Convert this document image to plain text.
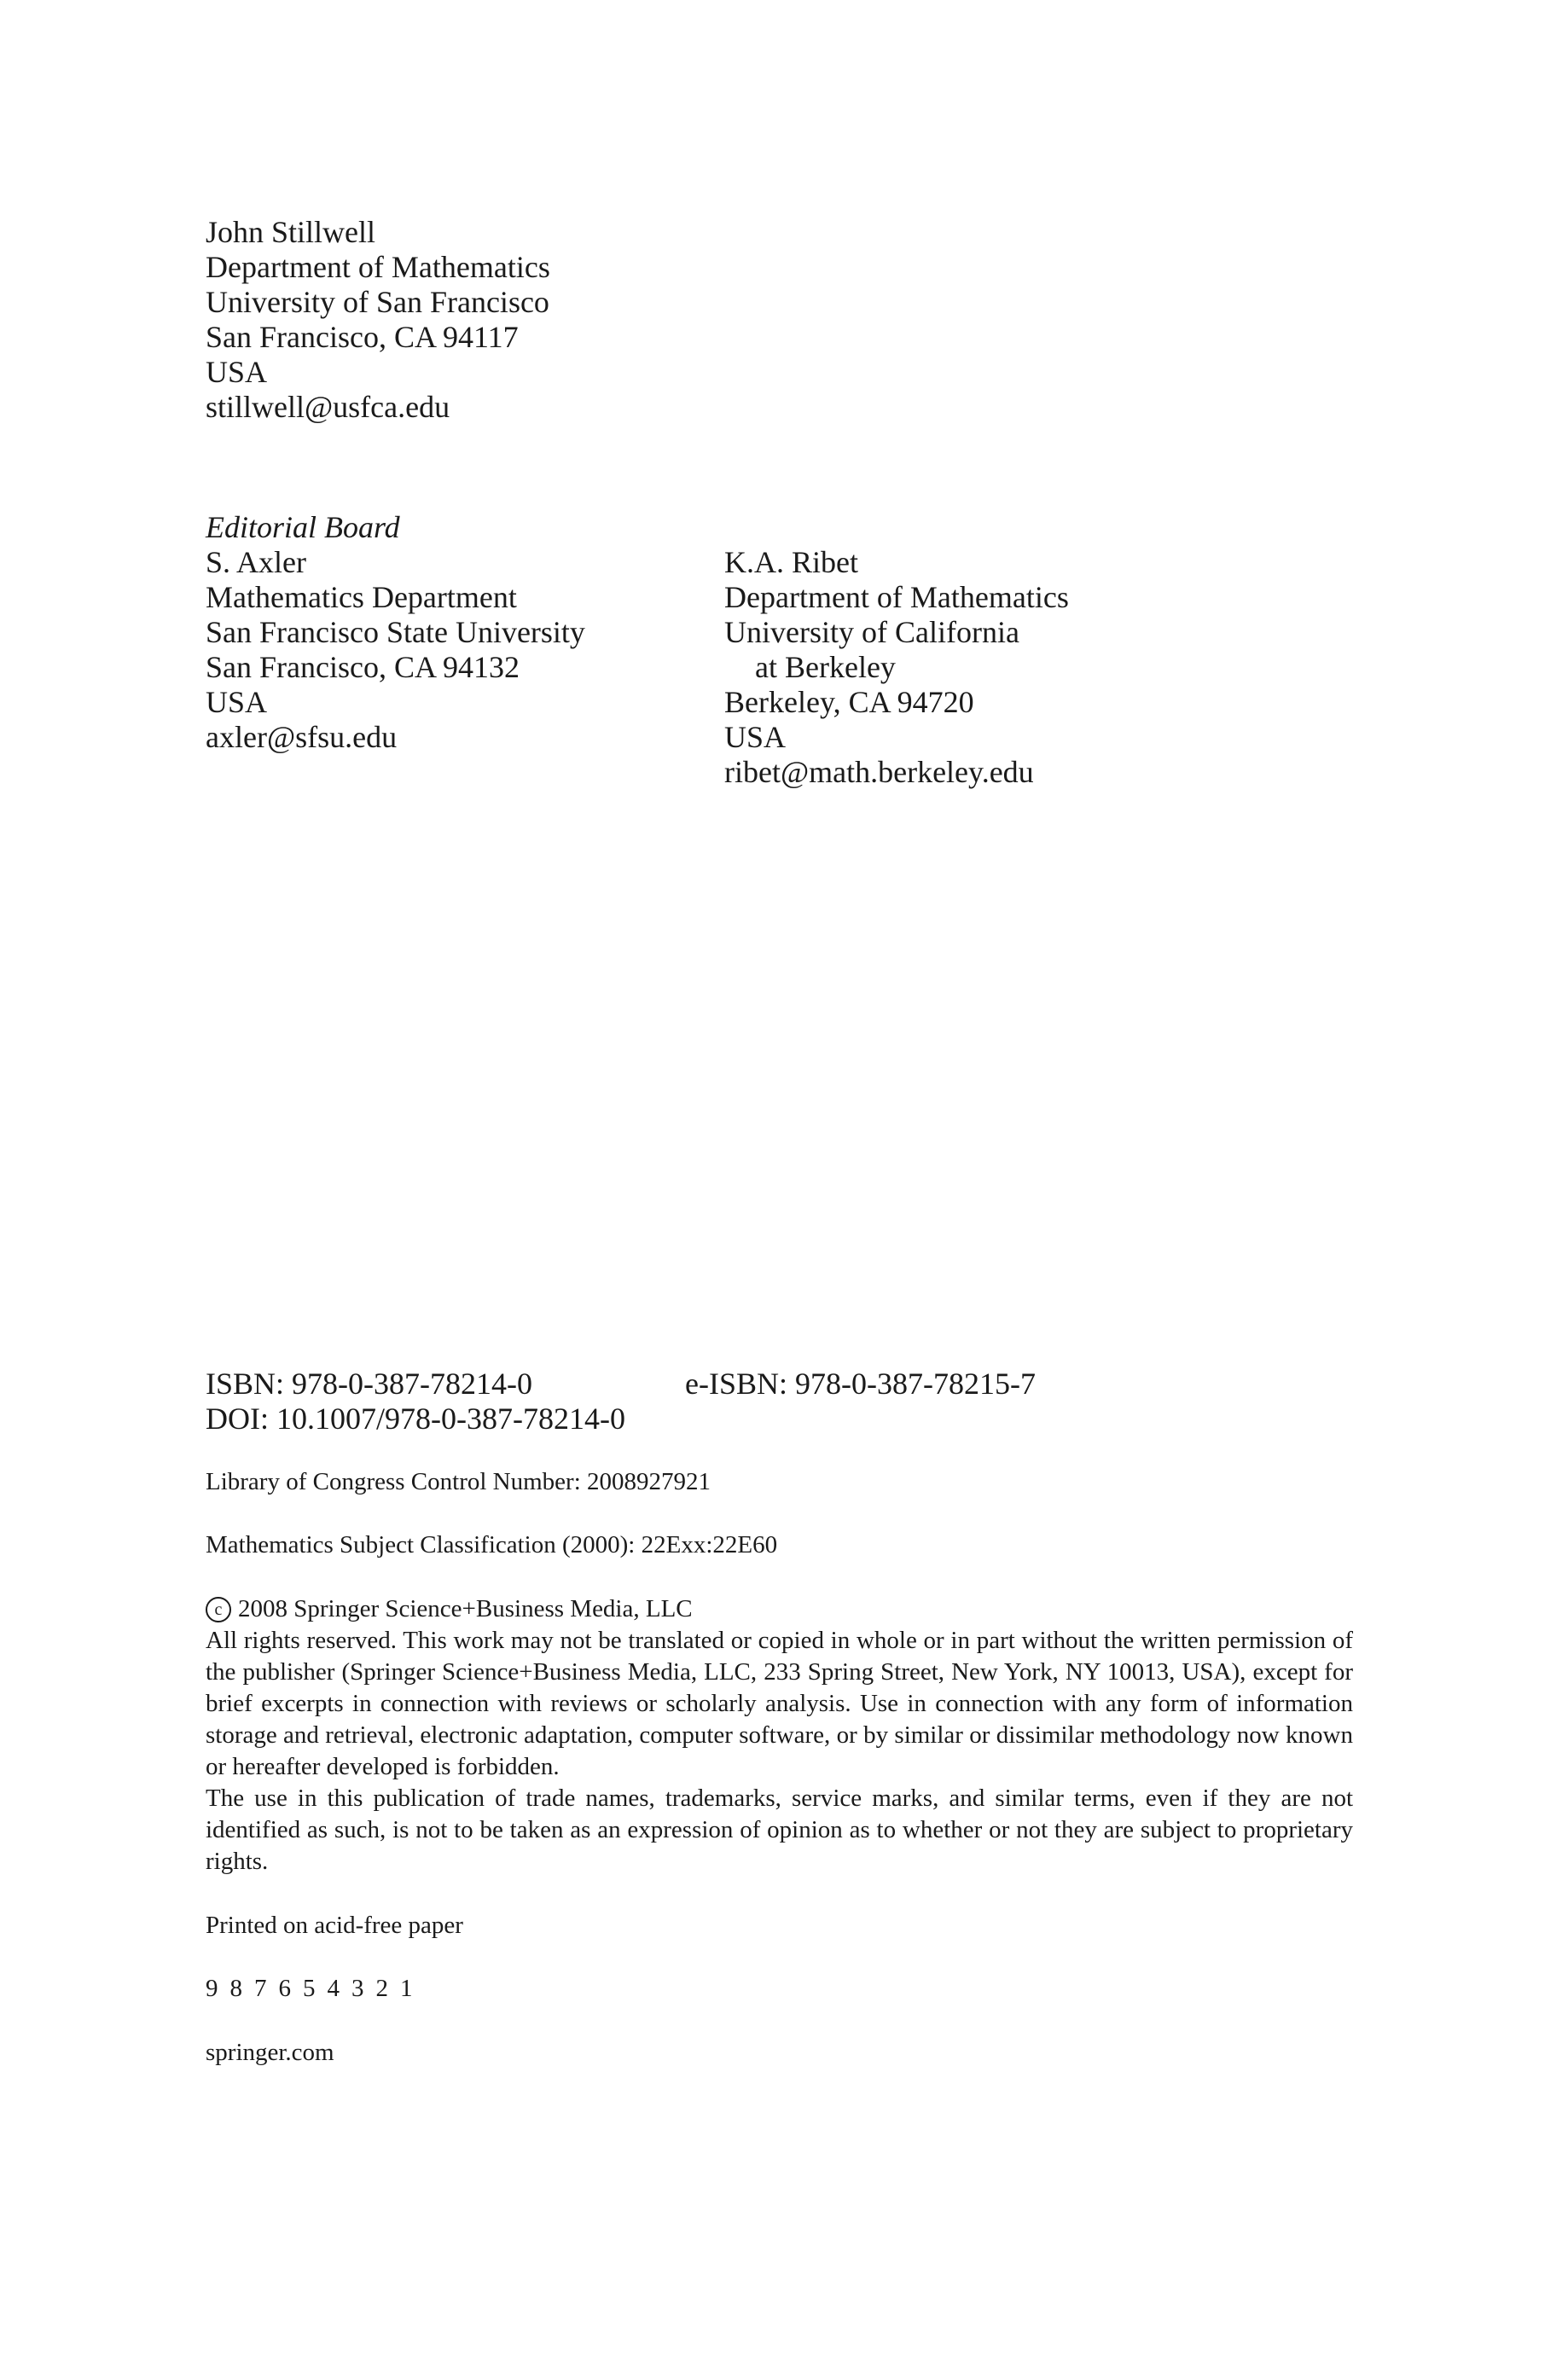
John Stillwell
Department of Mathematics
University of San Francisco
San Francisco, CA 94117
USA
stillwell@usfca.edu
Editorial Board
S. Axler
Mathematics Department
San Francisco State University
San Francisco, CA 94132
USA
axler@sfsu.edu
K.A. Ribet
Department of Mathematics
University of California
at Berkeley
Berkeley, CA 94720
USA
ribet@math.berkeley.edu
ISBN: 978-0-387-78214-0
DOI: 10.1007/978-0-387-78214-0
e-ISBN: 978-0-387-78215-7
Library of Congress Control Number: 2008927921
Mathematics Subject Classification (2000): 22Exx:22E60
c 2008 Springer Science+Business Media, LLC

All rights reserved. This work may not be translated or copied in whole or in part without the written permission of the publisher (Springer Science+Business Media, LLC, 233 Spring Street, New York, NY 10013, USA), except for brief excerpts in connection with reviews or scholarly analysis. Use in connection with any form of information storage and retrieval, electronic adaptation, computer software, or by similar or dissimilar methodology now known or hereafter developed is forbidden.

The use in this publication of trade names, trademarks, service marks, and similar terms, even if they are not identified as such, is not to be taken as an expression of opinion as to whether or not they are subject to proprietary rights.

Printed on acid-free paper
9 8 7 6 5 4 3 2 1
springer.com
